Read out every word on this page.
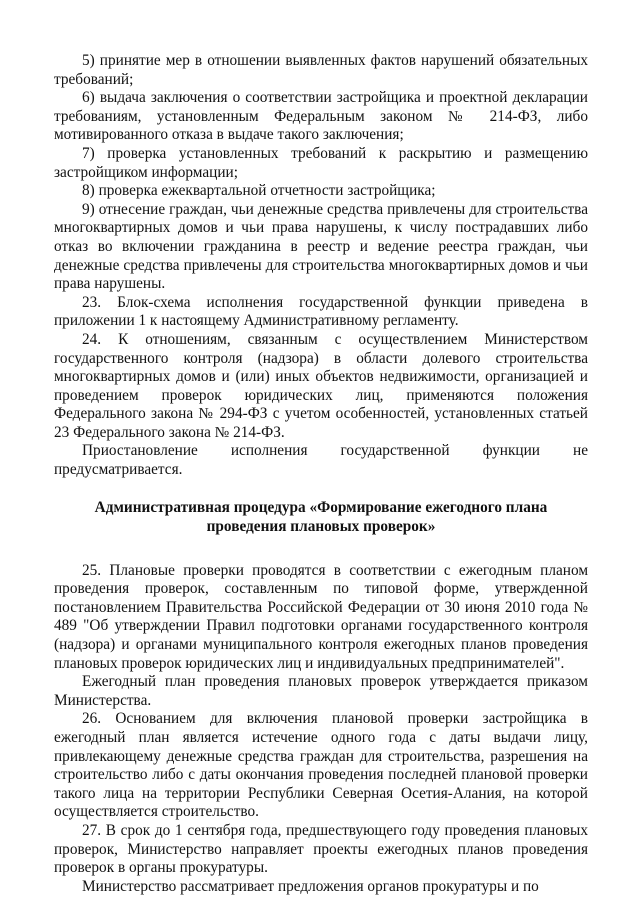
5) принятие мер в отношении выявленных фактов нарушений обязательных требований;

6) выдача заключения о соответствии застройщика и проектной декларации требованиям, установленным Федеральным законом № 214-ФЗ, либо мотивированного отказа в выдаче такого заключения;

7) проверка установленных требований к раскрытию и размещению застройщиком информации;

8) проверка ежеквартальной отчетности застройщика;

9) отнесение граждан, чьи денежные средства привлечены для строительства многоквартирных домов и чьи права нарушены, к числу пострадавших либо отказ во включении гражданина в реестр и ведение реестра граждан, чьи денежные средства привлечены для строительства многоквартирных домов и чьи права нарушены.

23. Блок-схема исполнения государственной функции приведена в приложении 1 к настоящему Административному регламенту.

24. К отношениям, связанным с осуществлением Министерством государственного контроля (надзора) в области долевого строительства многоквартирных домов и (или) иных объектов недвижимости, организацией и проведением проверок юридических лиц, применяются положения Федерального закона № 294-ФЗ с учетом особенностей, установленных статьей 23 Федерального закона № 214-ФЗ.

Приостановление исполнения государственной функции не предусматривается.

Административная процедура «Формирование ежегодного плана
проведения плановых проверок»

25. Плановые проверки проводятся в соответствии с ежегодным планом проведения проверок, составленным по типовой форме, утвержденной постановлением Правительства Российской Федерации от 30 июня 2010 года № 489 "Об утверждении Правил подготовки органами государственного контроля (надзора) и органами муниципального контроля ежегодных планов проведения плановых проверок юридических лиц и индивидуальных предпринимателей".

Ежегодный план проведения плановых проверок утверждается приказом Министерства.

26. Основанием для включения плановой проверки застройщика в ежегодный план является истечение одного года с даты выдачи лицу, привлекающему денежные средства граждан для строительства, разрешения на строительство либо с даты окончания проведения последней плановой проверки такого лица на территории Республики Северная Осетия-Алания, на которой осуществляется строительство.

27. В срок до 1 сентября года, предшествующего году проведения плановых проверок, Министерство направляет проекты ежегодных планов проведения проверок в органы прокуратуры.

Министерство рассматривает предложения органов прокуратуры и по
